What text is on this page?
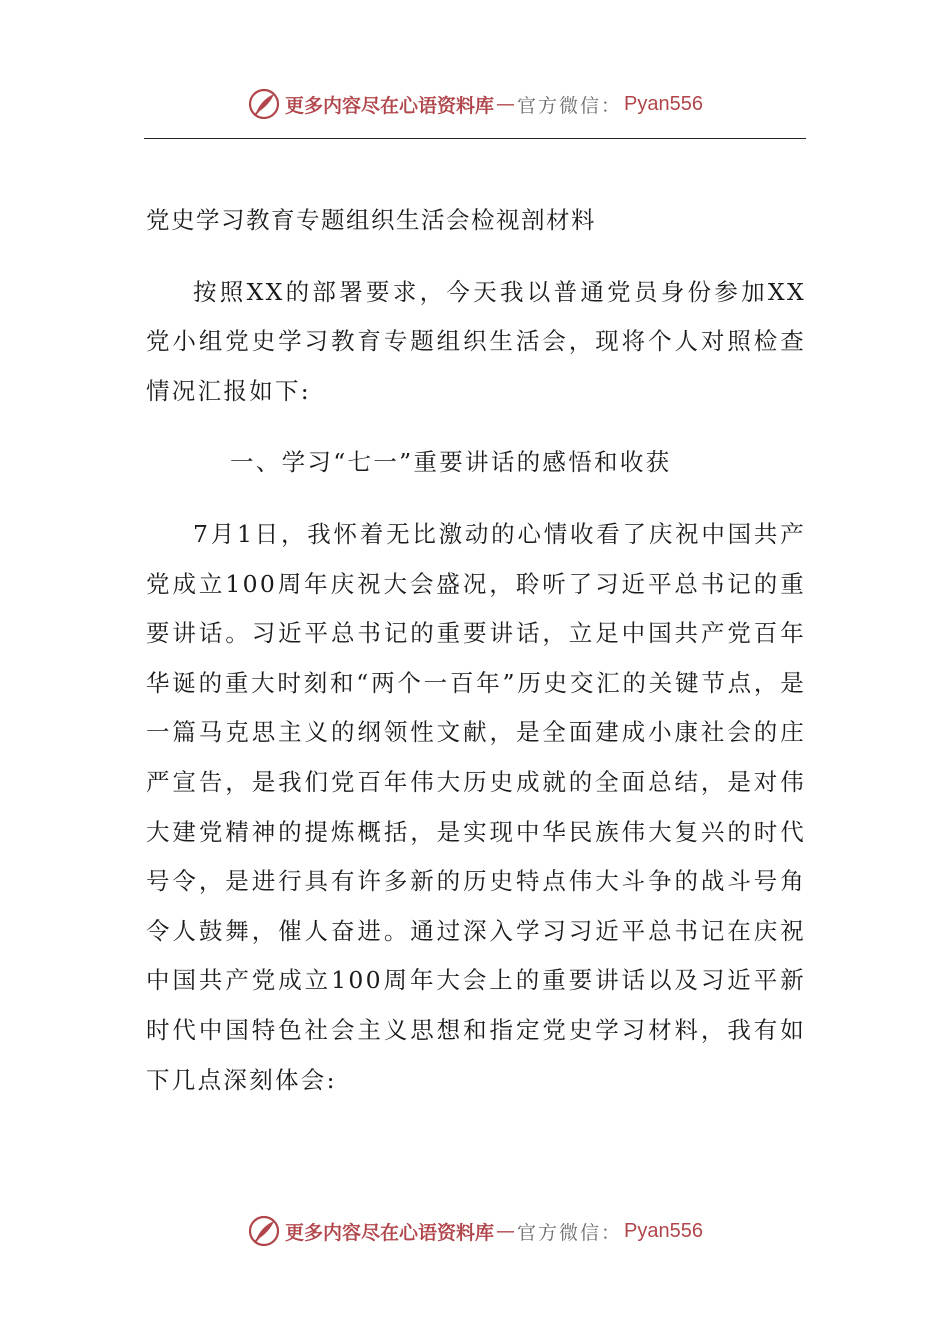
更多内容尽在心语资料库 — 官方微信： Pyan556

党史学习教育专题组织生活会检视剖材料

按照XX的部署要求，今天我以普通党员身份参加XX党小组党史学习教育专题组织生活会，现将个人对照检查情况汇报如下:

一、学习“七一”重要讲话的感悟和收获

7月1日，我怀着无比激动的心情收看了庆祝中国共产党成立100周年庆祝大会盛况，聆听了习近平总书记的重要讲话。习近平总书记的重要讲话，立足中国共产党百年华诞的重大时刻和“两个一百年”历史交汇的关键节点，是一篇马克思主义的纲领性文献，是全面建成小康社会的庄严宣告，是我们党百年伟大历史成就的全面总结，是对伟大建党精神的提炼概括，是实现中华民族伟大复兴的时代号令，是进行具有许多新的历史特点伟大斗争的战斗号角令人鼓舞，催人奋进。通过深入学习习近平总书记在庆祝中国共产党成立100周年大会上的重要讲话以及习近平新时代中国特色社会主义思想和指定党史学习材料，我有如下几点深刻体会:

更多内容尽在心语资料库 — 官方微信： Pyan556
